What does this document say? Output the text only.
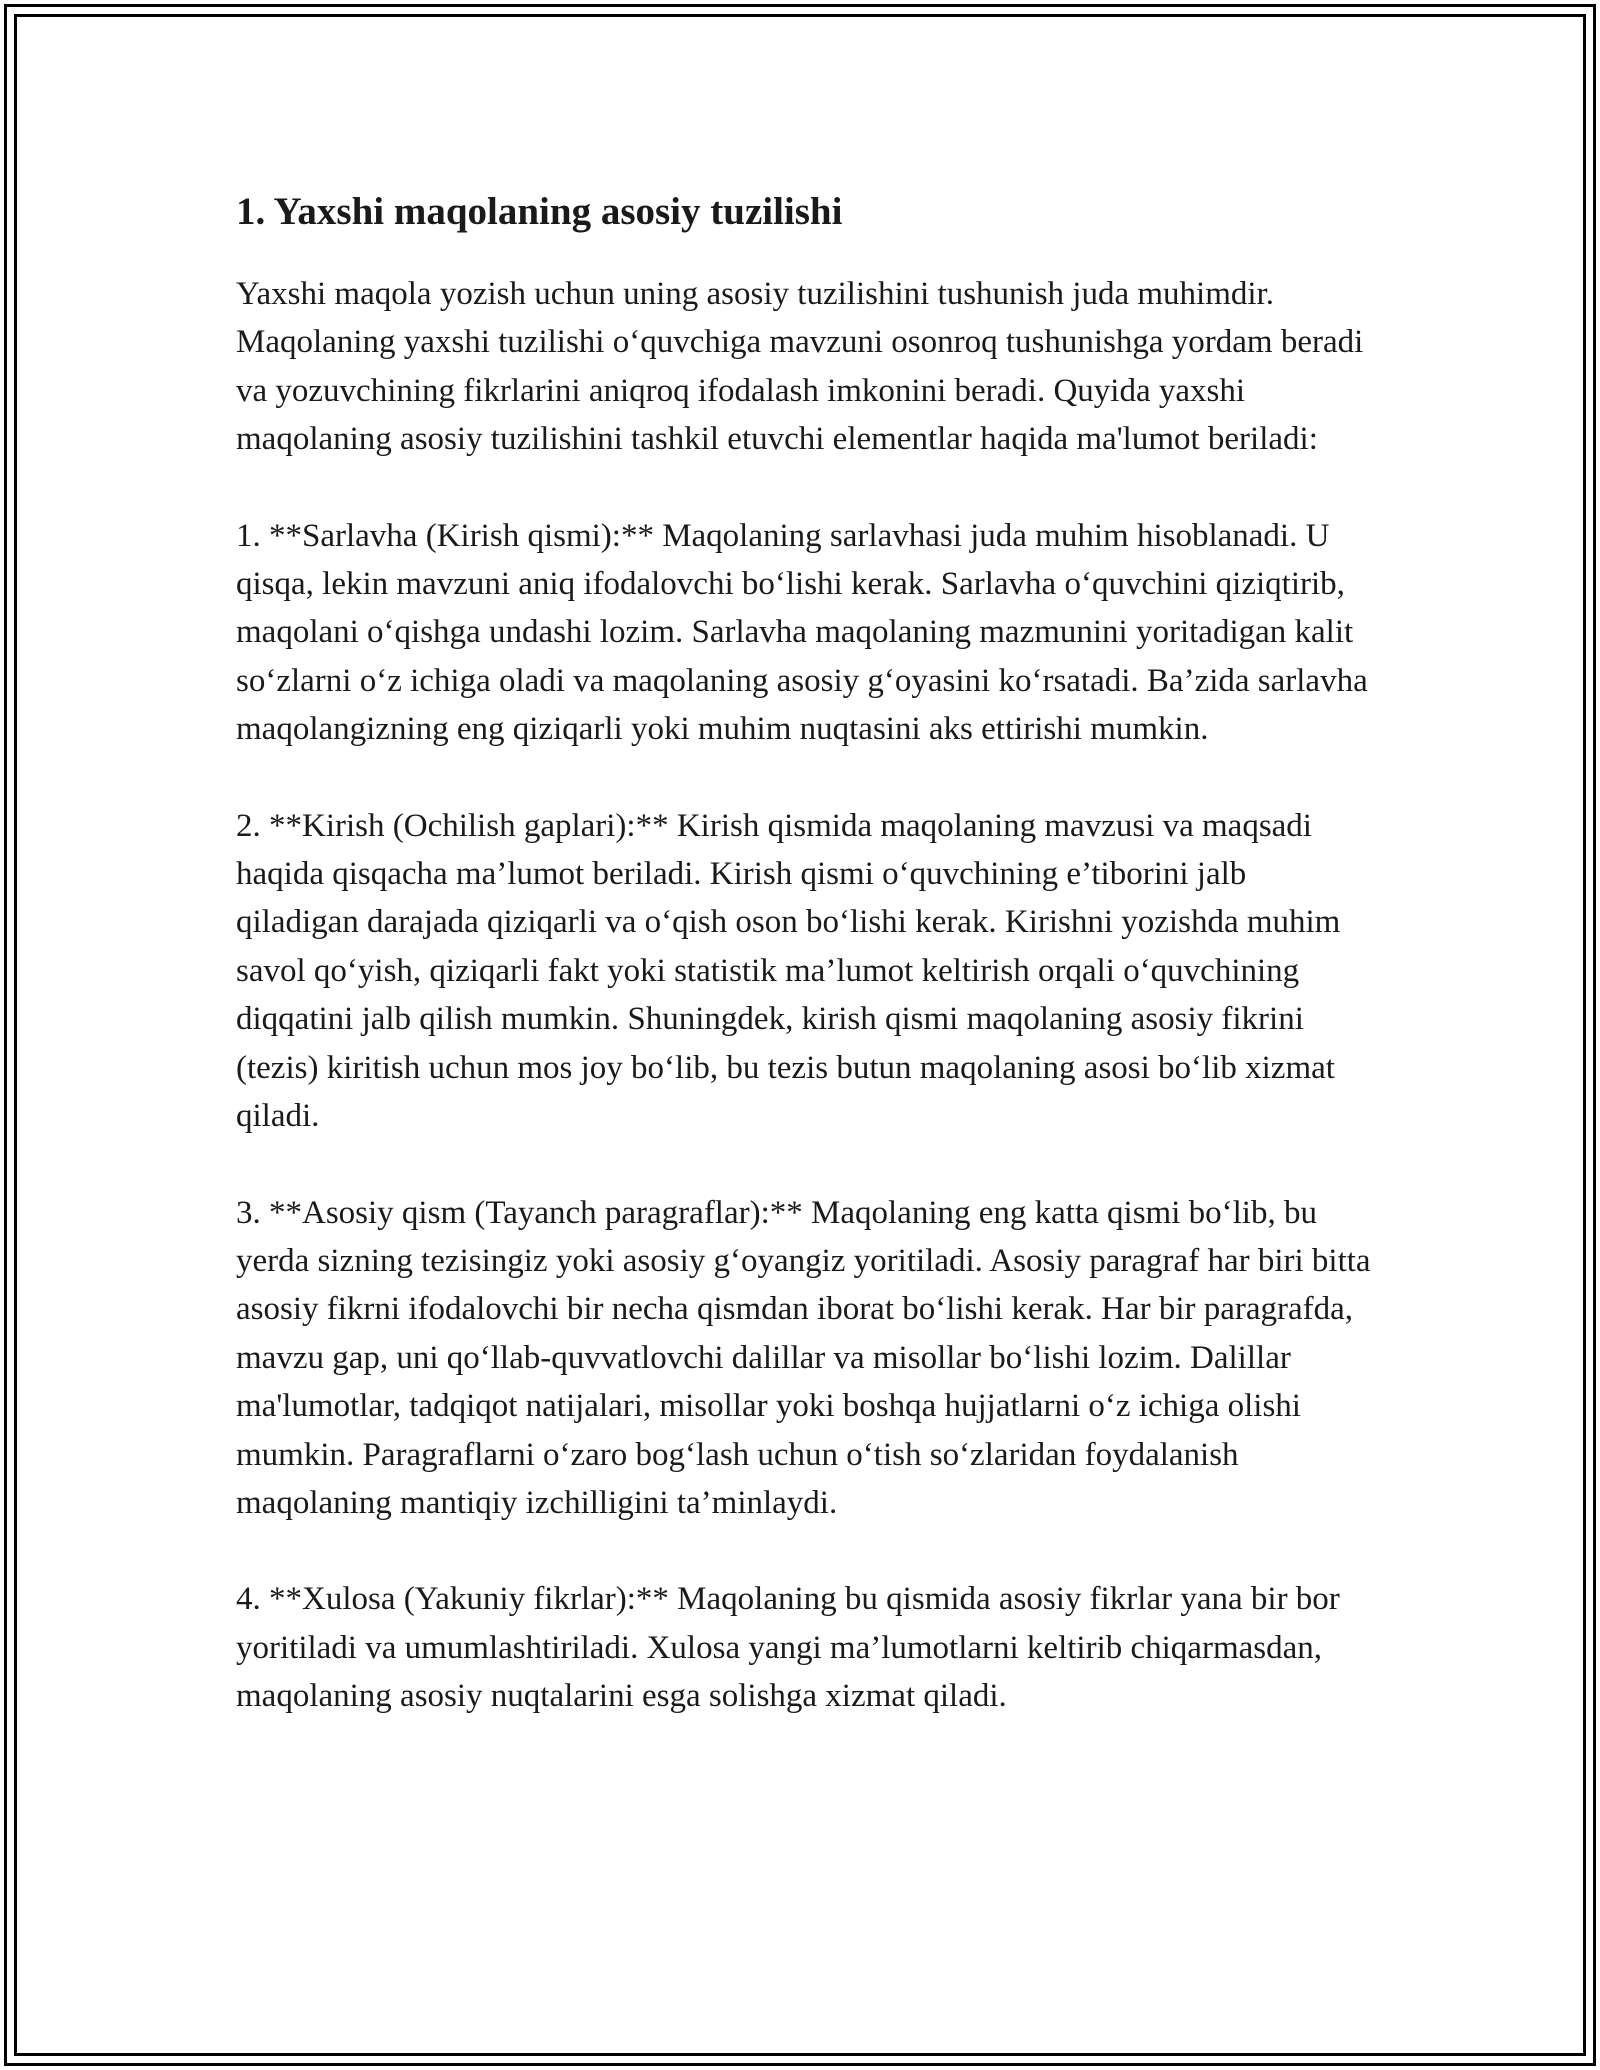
1. Yaxshi maqolaning asosiy tuzilishi

Yaxshi maqola yozish uchun uning asosiy tuzilishini tushunish juda muhimdir. Maqolaning yaxshi tuzilishi o‘quvchiga mavzuni osonroq tushunishga yordam beradi va yozuvchining fikrlarini aniqroq ifodalash imkonini beradi. Quyida yaxshi maqolaning asosiy tuzilishini tashkil etuvchi elementlar haqida ma'lumot beriladi:

1. **Sarlavha (Kirish qismi):** Maqolaning sarlavhasi juda muhim hisoblanadi. U qisqa, lekin mavzuni aniq ifodalovchi bo‘lishi kerak. Sarlavha o‘quvchini qiziqtirib, maqolani o‘qishga undashi lozim. Sarlavha maqolaning mazmunini yoritadigan kalit so‘zlarni o‘z ichiga oladi va maqolaning asosiy g‘oyasini ko‘rsatadi. Ba’zida sarlavha maqolangizning eng qiziqarli yoki muhim nuqtasini aks ettirishi mumkin.

2. **Kirish (Ochilish gaplari):** Kirish qismida maqolaning mavzusi va maqsadi haqida qisqacha ma’lumot beriladi. Kirish qismi o‘quvchining e’tiborini jalb qiladigan darajada qiziqarli va o‘qish oson bo‘lishi kerak. Kirishni yozishda muhim savol qo‘yish, qiziqarli fakt yoki statistik ma’lumot keltirish orqali o‘quvchining diqqatini jalb qilish mumkin. Shuningdek, kirish qismi maqolaning asosiy fikrini (tezis) kiritish uchun mos joy bo‘lib, bu tezis butun maqolaning asosi bo‘lib xizmat qiladi.

3. **Asosiy qism (Tayanch paragraflar):** Maqolaning eng katta qismi bo‘lib, bu yerda sizning tezisingiz yoki asosiy g‘oyangiz yoritiladi. Asosiy paragraf har biri bitta asosiy fikrni ifodalovchi bir necha qismdan iborat bo‘lishi kerak. Har bir paragrafda, mavzu gap, uni qo‘llab-quvvatlovchi dalillar va misollar bo‘lishi lozim. Dalillar ma'lumotlar, tadqiqot natijalari, misollar yoki boshqa hujjatlarni o‘z ichiga olishi mumkin. Paragraflarni o‘zaro bog‘lash uchun o‘tish so‘zlaridan foydalanish maqolaning mantiqiy izchilligini ta’minlaydi.

4. **Xulosa (Yakuniy fikrlar):** Maqolaning bu qismida asosiy fikrlar yana bir bor yoritiladi va umumlashtiriladi. Xulosa yangi ma’lumotlarni keltirib chiqarmasdan, maqolaning asosiy nuqtalarini esga solishga xizmat qiladi.
